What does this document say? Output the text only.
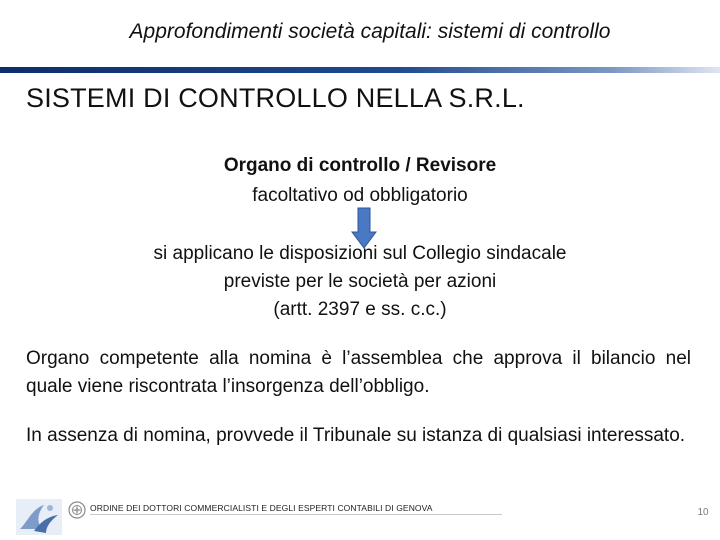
Approfondimenti società capitali: sistemi di controllo
SISTEMI DI CONTROLLO NELLA S.R.L.
Organo di controllo / Revisore
facoltativo od obbligatorio
si applicano le disposizioni sul Collegio sindacale
previste per le società per azioni
(artt. 2397 e ss. c.c.)
Organo competente alla nomina è l’assemblea che approva il bilancio nel quale viene riscontrata l’insorgenza dell’obbligo.
In assenza di nomina, provvede il Tribunale su istanza di qualsiasi interessato.
ORDINE DEI DOTTORI COMMERCIALISTI E DEGLI ESPERTI CONTABILI DI GENOVA	10
